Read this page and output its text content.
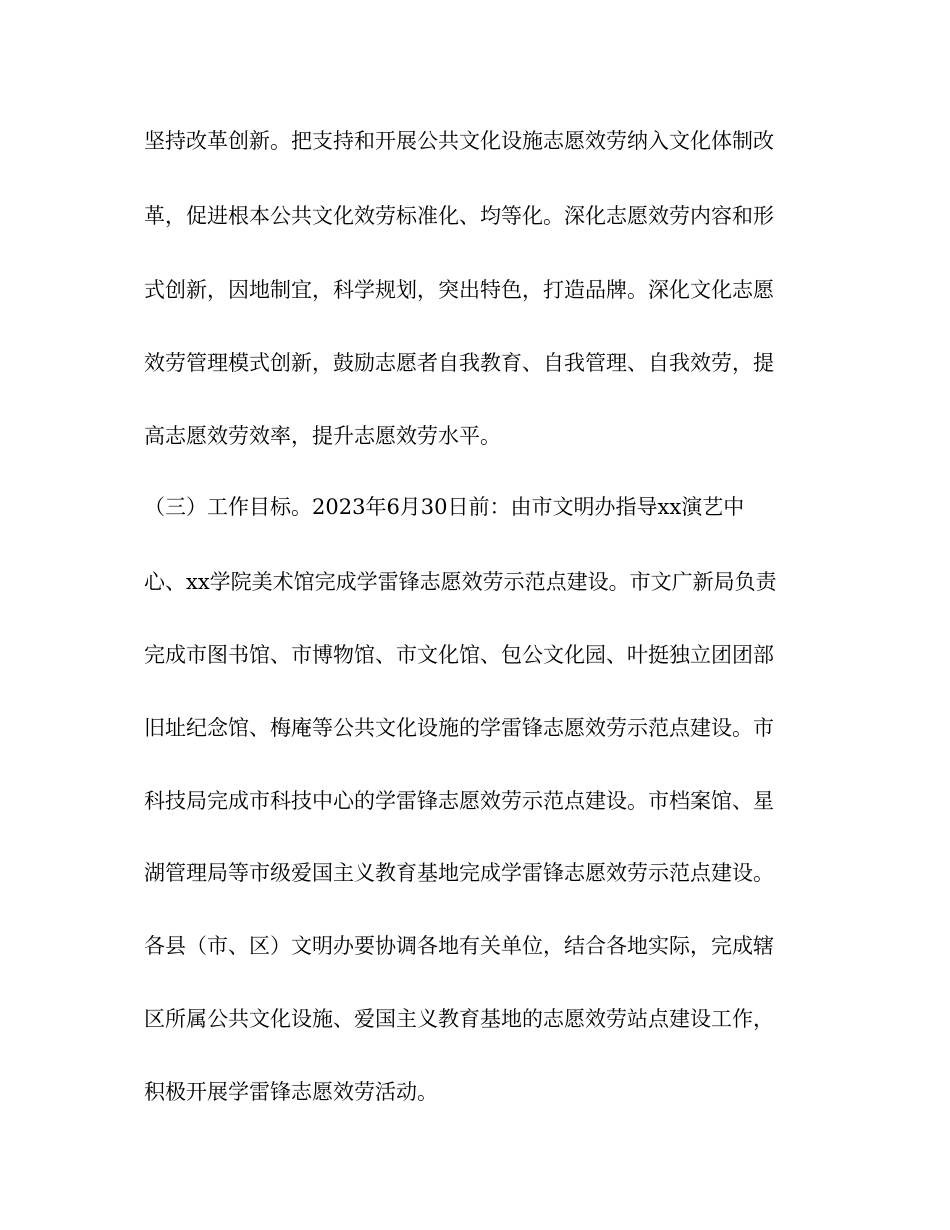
坚持改革创新。把支持和开展公共文化设施志愿效劳纳入文化体制改
革，促进根本公共文化效劳标准化、均等化。深化志愿效劳内容和形
式创新，因地制宜，科学规划，突出特色，打造品牌。深化文化志愿
效劳管理模式创新，鼓励志愿者自我教育、自我管理、自我效劳，提
高志愿效劳效率，提升志愿效劳水平。
（三）工作目标。2023年6月30日前：由市文明办指导xx演艺中
心、xx学院美术馆完成学雷锋志愿效劳示范点建设。市文广新局负责
完成市图书馆、市博物馆、市文化馆、包公文化园、叶挺独立团团部
旧址纪念馆、梅庵等公共文化设施的学雷锋志愿效劳示范点建设。市
科技局完成市科技中心的学雷锋志愿效劳示范点建设。市档案馆、星
湖管理局等市级爱国主义教育基地完成学雷锋志愿效劳示范点建设。
各县（市、区）文明办要协调各地有关单位，结合各地实际，完成辖
区所属公共文化设施、爱国主义教育基地的志愿效劳站点建设工作，
积极开展学雷锋志愿效劳活动。
